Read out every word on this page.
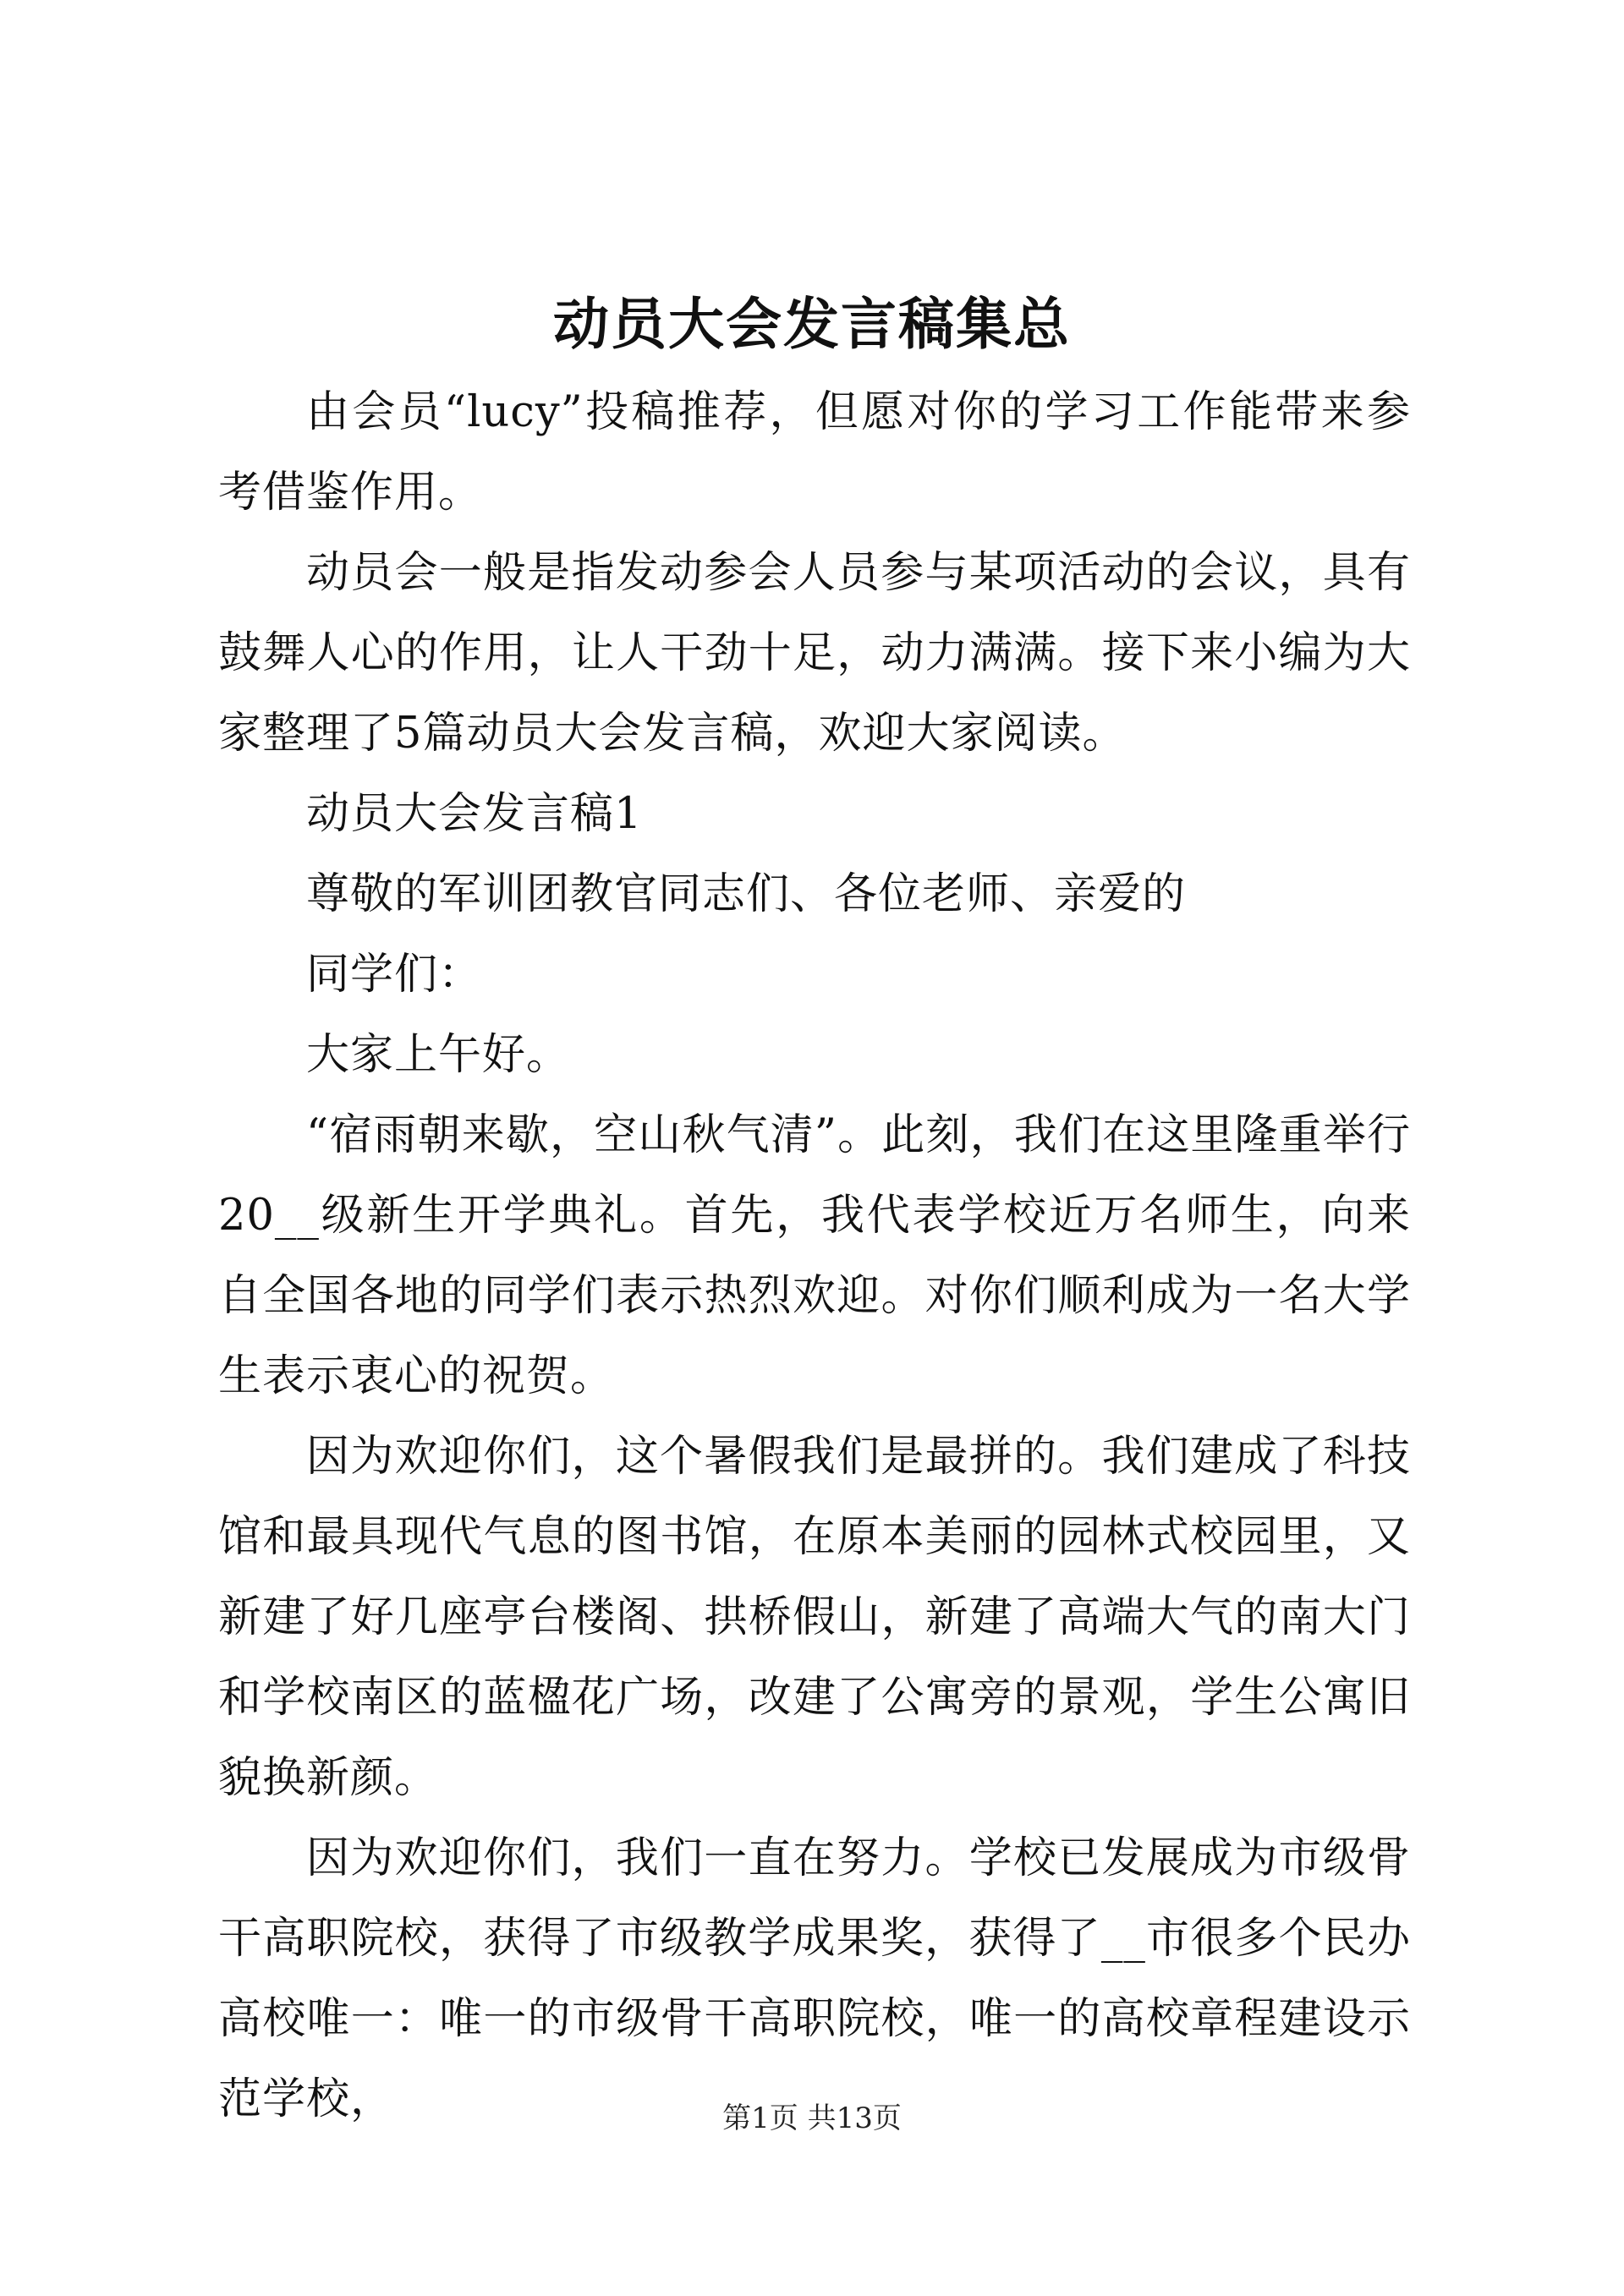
动员大会发言稿集总

由会员“lucy”投稿推荐，但愿对你的学习工作能带来参考借鉴作用。

动员会一般是指发动参会人员参与某项活动的会议，具有鼓舞人心的作用，让人干劲十足，动力满满。接下来小编为大家整理了5篇动员大会发言稿，欢迎大家阅读。

动员大会发言稿1

尊敬的军训团教官同志们、各位老师、亲爱的

同学们：

大家上午好。

“宿雨朝来歇，空山秋气清”。此刻，我们在这里隆重举行20__级新生开学典礼。首先，我代表学校近万名师生，向来自全国各地的同学们表示热烈欢迎。对你们顺利成为一名大学生表示衷心的祝贺。

因为欢迎你们，这个暑假我们是最拼的。我们建成了科技馆和最具现代气息的图书馆，在原本美丽的园林式校园里，又新建了好几座亭台楼阁、拱桥假山，新建了高端大气的南大门和学校南区的蓝楹花广场，改建了公寓旁的景观，学生公寓旧貌换新颜。

因为欢迎你们，我们一直在努力。学校已发展成为市级骨干高职院校，获得了市级教学成果奖，获得了__市很多个民办高校唯一：唯一的市级骨干高职院校，唯一的高校章程建设示范学校，	第1页 共13页
